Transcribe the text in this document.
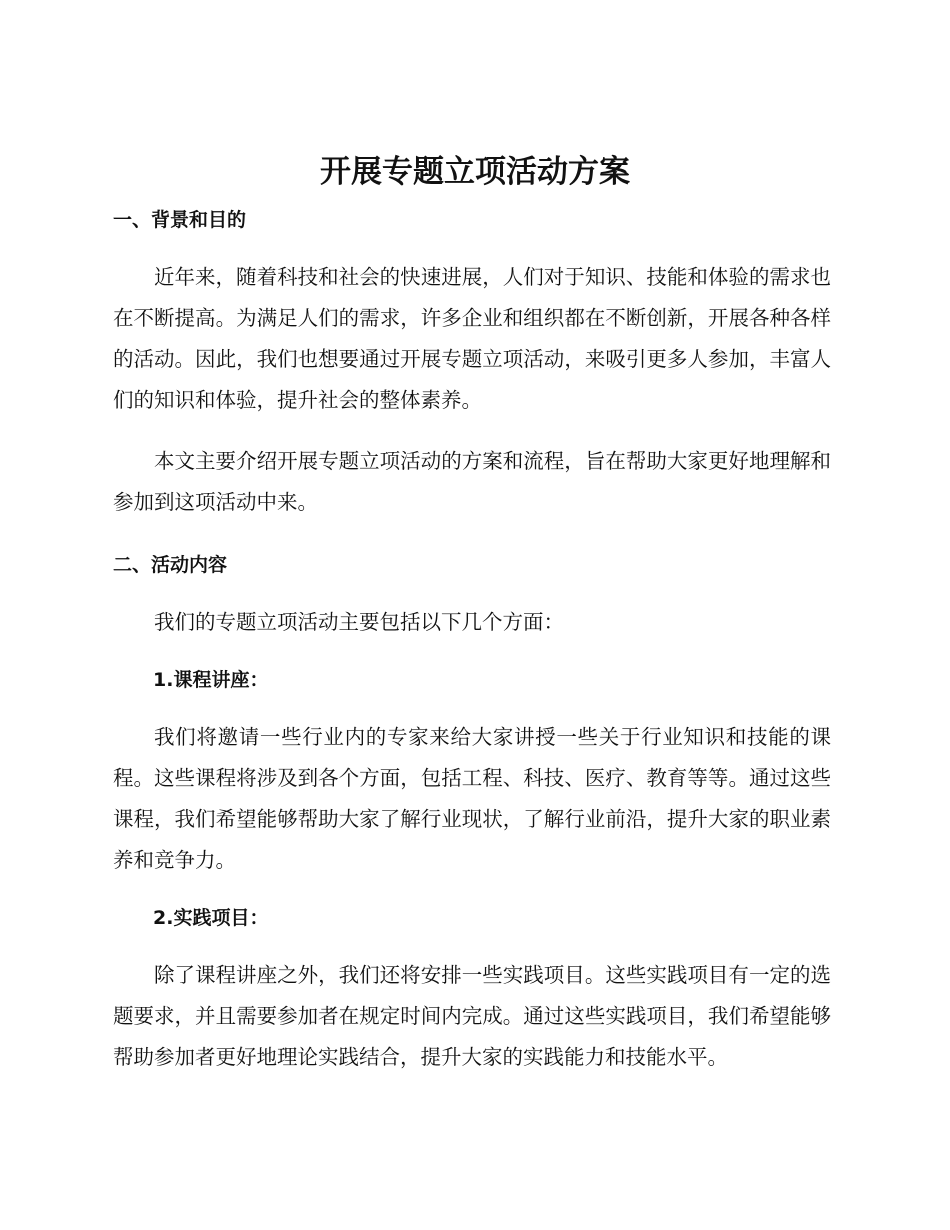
开展专题立项活动方案
一、背景和目的

近年来，随着科技和社会的快速进展，人们对于知识、技能和体验的需求也在不断提高。为满足人们的需求，许多企业和组织都在不断创新，开展各种各样的活动。因此，我们也想要通过开展专题立项活动，来吸引更多人参加，丰富人们的知识和体验，提升社会的整体素养。

本文主要介绍开展专题立项活动的方案和流程，旨在帮助大家更好地理解和参加到这项活动中来。

二、活动内容

我们的专题立项活动主要包括以下几个方面：

1.课程讲座：

我们将邀请一些行业内的专家来给大家讲授一些关于行业知识和技能的课程。这些课程将涉及到各个方面，包括工程、科技、医疗、教育等等。通过这些课程，我们希望能够帮助大家了解行业现状，了解行业前沿，提升大家的职业素养和竞争力。

2.实践项目：

除了课程讲座之外，我们还将安排一些实践项目。这些实践项目有一定的选题要求，并且需要参加者在规定时间内完成。通过这些实践项目，我们希望能够帮助参加者更好地理论实践结合，提升大家的实践能力和技能水平。
